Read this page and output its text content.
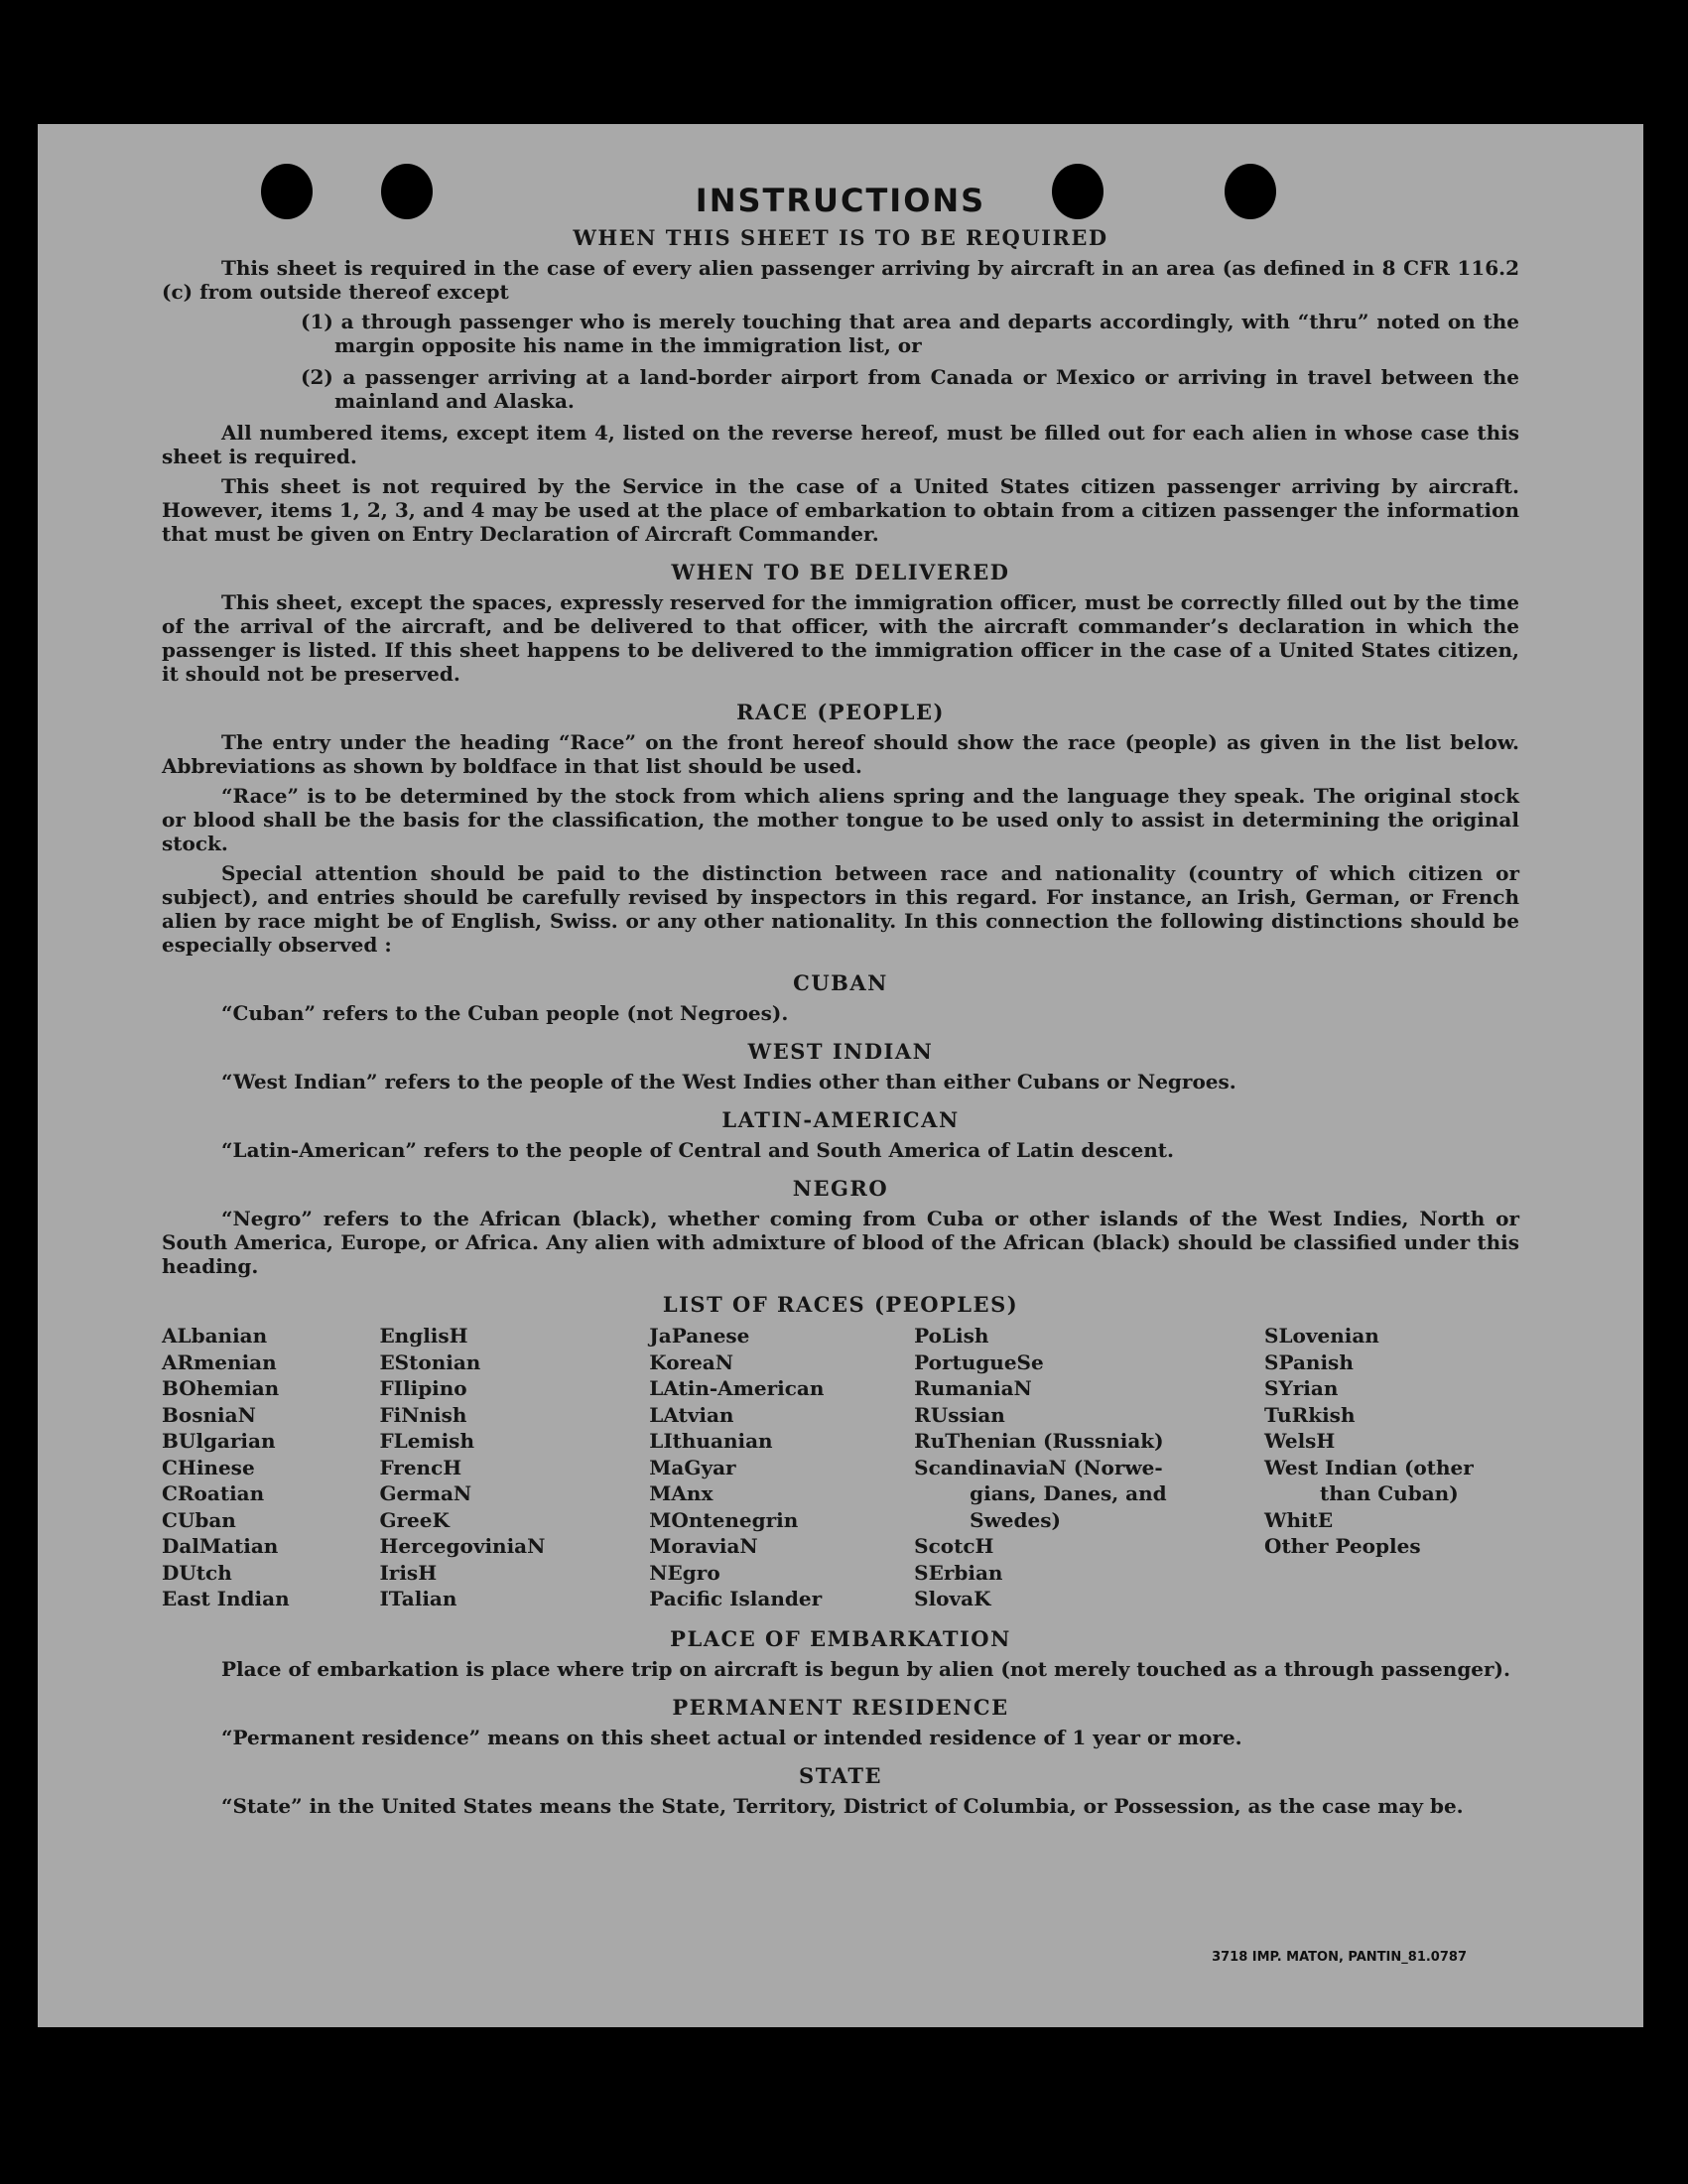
INSTRUCTIONS
WHEN THIS SHEET IS TO BE REQUIRED

This sheet is required in the case of every alien passenger arriving by aircraft in an area (as defined in 8 CFR 116.2 (c) from outside thereof except

(1) a through passenger who is merely touching that area and departs accordingly, with “thru” noted on the margin opposite his name in the immigration list, or
(2) a passenger arriving at a land-border airport from Canada or Mexico or arriving in travel between the mainland and Alaska.

All numbered items, except item 4, listed on the reverse hereof, must be filled out for each alien in whose case this sheet is required.

This sheet is not required by the Service in the case of a United States citizen passenger arriving by aircraft. However, items 1, 2, 3, and 4 may be used at the place of embarkation to obtain from a citizen passenger the information that must be given on Entry Declaration of Aircraft Commander.

WHEN TO BE DELIVERED

This sheet, except the spaces, expressly reserved for the immigration officer, must be correctly filled out by the time of the arrival of the aircraft, and be delivered to that officer, with the aircraft commander’s declaration in which the passenger is listed. If this sheet happens to be delivered to the immigration officer in the case of a United States citizen, it should not be preserved.

RACE (PEOPLE)

The entry under the heading “Race” on the front hereof should show the race (people) as given in the list below. Abbreviations as shown by boldface in that list should be used.

“Race” is to be determined by the stock from which aliens spring and the language they speak. The original stock or blood shall be the basis for the classification, the mother tongue to be used only to assist in determining the original stock.

Special attention should be paid to the distinction between race and nationality (country of which citizen or subject), and entries should be carefully revised by inspectors in this regard. For instance, an Irish, German, or French alien by race might be of English, Swiss. or any other nationality. In this connection the following distinctions should be especially observed :

CUBAN

“Cuban” refers to the Cuban people (not Negroes).

WEST INDIAN

“West Indian” refers to the people of the West Indies other than either Cubans or Negroes.

LATIN-AMERICAN

“Latin-American” refers to the people of Central and South America of Latin descent.

NEGRO

“Negro” refers to the African (black), whether coming from Cuba or other islands of the West Indies, North or South America, Europe, or Africa. Any alien with admixture of blood of the African (black) should be classified under this heading.

LIST OF RACES (PEOPLES)
ALbanian
ARmenian
BOhemian
BosniaN
BUlgarian
CHinese
CRoatian
CUban
DalMatian
DUtch
East Indian
EnglisH
EStonian
FIlipino
FiNnish
FLemish
FrencH
GermaN
GreeK
HercegoviniaN
IrisH
ITalian
JaPanese
KoreaN
LAtin-American
LAtvian
LIthuanian
MaGyar
MAnx
MOntenegrin
MoraviaN
NEgro
Pacific Islander
PoLish
PortugueSe
RumaniaN
RUssian
RuThenian (Russniak)
ScandinaviaN (Norwe-
gians, Danes, and
Swedes)
ScotcH
SErbian
SlovaK
SLovenian
SPanish
SYrian
TuRkish
WelsH
West Indian (other
than Cuban)
WhitE
Other Peoples
PLACE OF EMBARKATION

Place of embarkation is place where trip on aircraft is begun by alien (not merely touched as a through passenger).

PERMANENT RESIDENCE

“Permanent residence” means on this sheet actual or intended residence of 1 year or more.

STATE

“State” in the United States means the State, Territory, District of Columbia, or Possession, as the case may be.

3718 IMP. MATON, PANTIN_81.0787
